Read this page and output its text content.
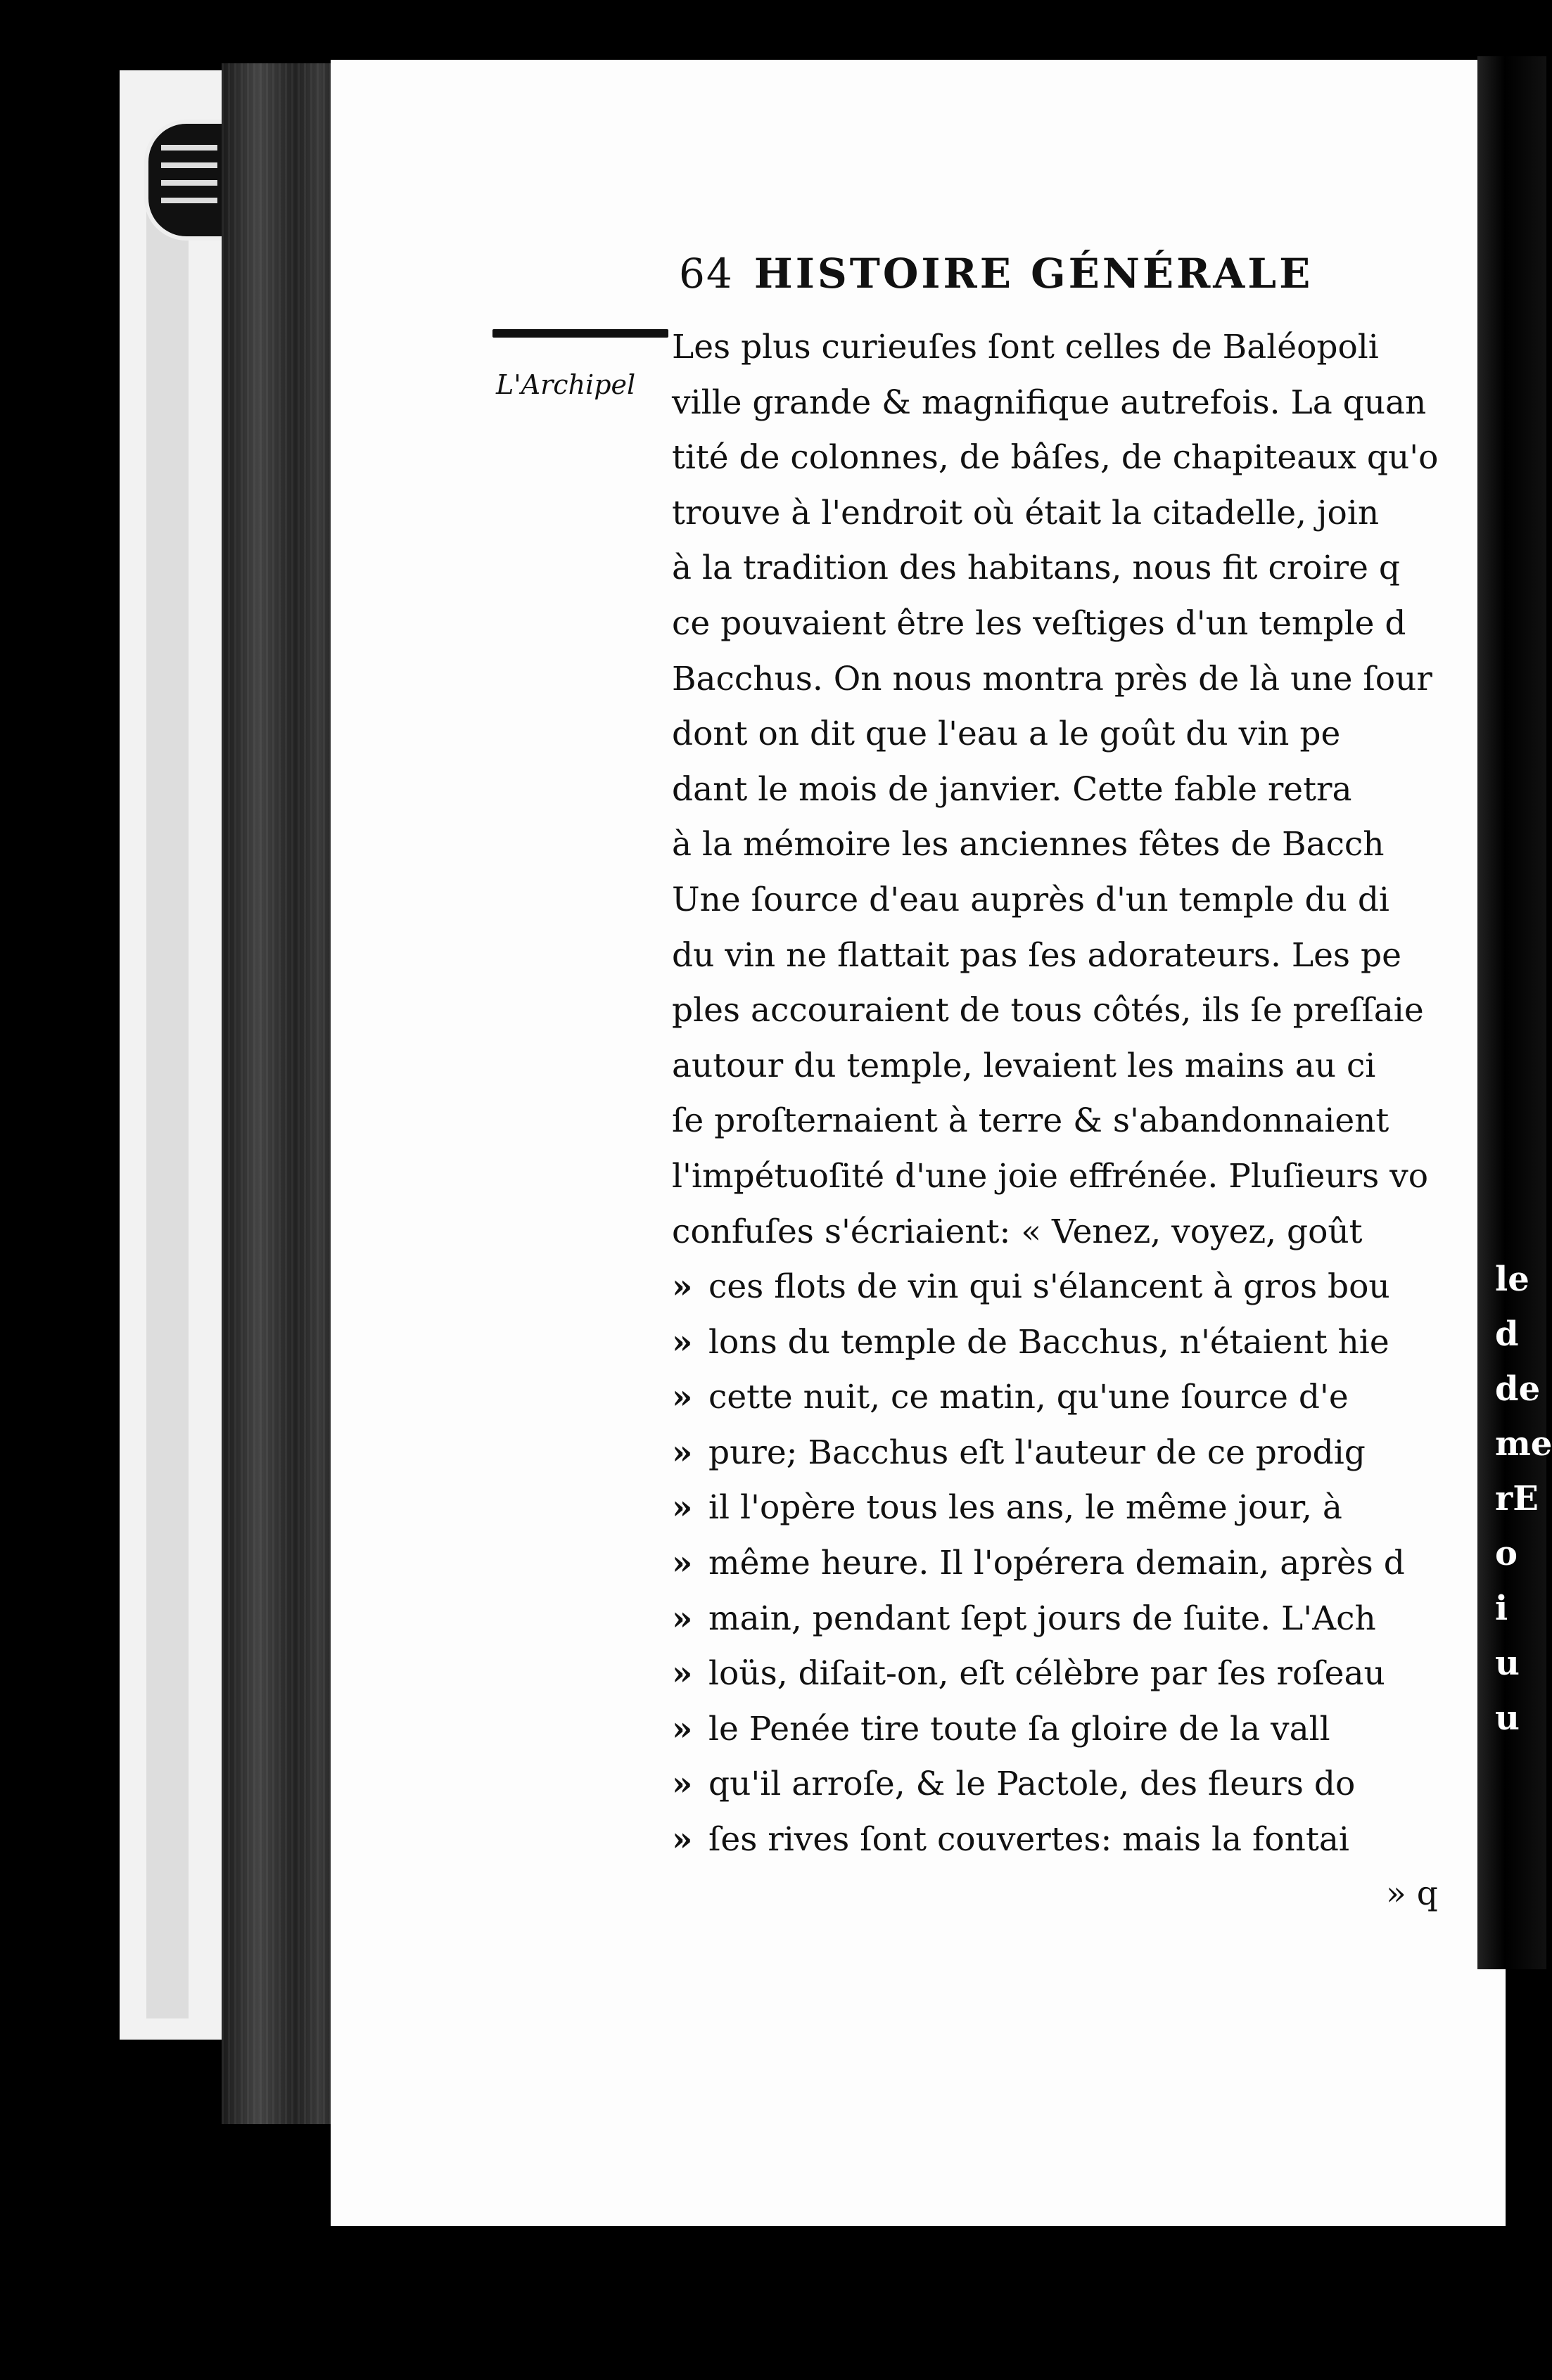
le
d
de
me
rE
o
i
u
u
64 HISTOIRE GÉNÉRALE
L'Archipel
Les plus curieuſes ſont celles de Baléopoli
ville grande & magnifique autrefois. La quan
tité de colonnes, de bâſes, de chapiteaux qu'o
trouve à l'endroit où était la citadelle, join
à la tradition des habitans, nous fit croire q
ce pouvaient être les veſtiges d'un temple d
Bacchus. On nous montra près de là une ſour
dont on dit que l'eau a le goût du vin pe
dant le mois de janvier. Cette fable retra
à la mémoire les anciennes fêtes de Bacch
Une ſource d'eau auprès d'un temple du di
du vin ne flattait pas ſes adorateurs. Les pe
ples accouraient de tous côtés, ils ſe preſſaie
autour du temple, levaient les mains au ci
ſe proſternaient à terre & s'abandonnaient
l'impétuoſité d'une joie effrénée. Pluſieurs vo
confuſes s'écriaient: « Venez, voyez, goût
» ces flots de vin qui s'élancent à gros bou
» lons du temple de Bacchus, n'étaient hie
» cette nuit, ce matin, qu'une ſource d'e
» pure; Bacchus eſt l'auteur de ce prodig
» il l'opère tous les ans, le même jour, à
» même heure. Il l'opérera demain, après d
» main, pendant ſept jours de ſuite. L'Ach
» loüs, diſait-on, eſt célèbre par ſes roſeau
» le Penée tire toute ſa gloire de la vall
» qu'il arroſe, & le Pactole, des fleurs do
» ſes rives ſont couvertes: mais la fontai
» q
